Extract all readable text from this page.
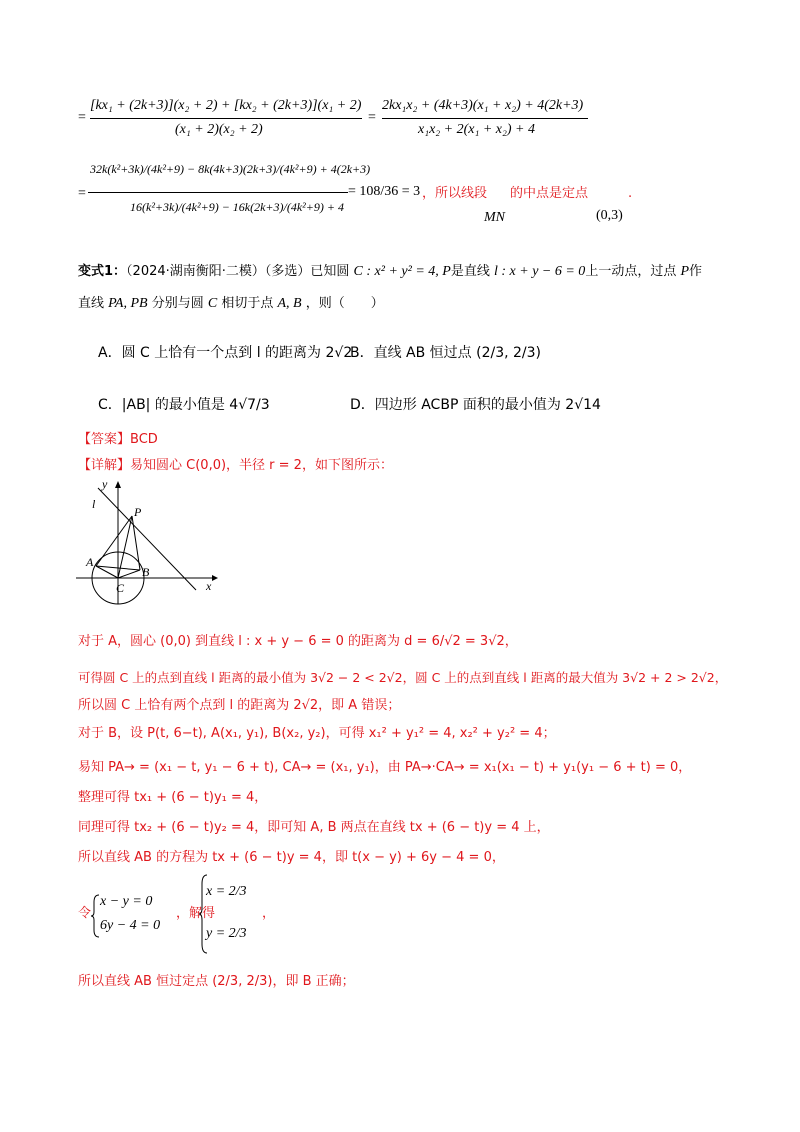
=
[kx₁ + (2k+3)](x₂ + 2) + [kx₂ + (2k+3)](x₁ + 2)
(x₁ + 2)(x₂ + 2)
=
2kx₁x₂ + (4k+3)(x₁ + x₂) + 4(2k+3)
x₁x₂ + 2(x₁ + x₂) + 4
=
32k(k²+3k)/(4k²+9) − 8k(4k+3)(2k+3)/(4k²+9) + 4(2k+3)
16(k²+3k)/(4k²+9) − 16k(2k+3)/(4k²+9) + 4
= 108/36 = 3 ，所以线段 的中点是定点	.
MN	(0,3)
变式1：（2024·湖南衡阳·二模）（多选）已知圆 C : x² + y² = 4, P是直线 l : x + y − 6 = 0上一动点，过点 P作
直线 PA, PB 分别与圆 C 相切于点 A, B ，则（　　）
A．圆 C 上恰有一个点到 l 的距离为 2√2
B．直线 AB 恒过点 (2/3, 2/3)
C．|AB| 的最小值是 4√7/3	D．四边形 ACBP 面积的最小值为 2√14
【答案】BCD
【详解】易知圆心 C(0,0)，半径 r = 2，如下图所示：
y
l
P
A
B
C	x
对于 A，圆心 (0,0) 到直线 l : x + y − 6 = 0 的距离为 d = 6/√2 = 3√2，
可得圆 C 上的点到直线 l 距离的最小值为 3√2 − 2 < 2√2，圆 C 上的点到直线 l 距离的最大值为 3√2 + 2 > 2√2，
所以圆 C 上恰有两个点到 l 的距离为 2√2，即 A 错误；
对于 B，设 P(t, 6−t), A(x₁, y₁), B(x₂, y₂)，可得 x₁² + y₁² = 4, x₂² + y₂² = 4；
易知 PA→ = (x₁ − t, y₁ − 6 + t), CA→ = (x₁, y₁)，由 PA→·CA→ = x₁(x₁ − t) + y₁(y₁ − 6 + t) = 0，
整理可得 tx₁ + (6 − t)y₁ = 4，
同理可得 tx₂ + (6 − t)y₂ = 4，即可知 A, B 两点在直线 tx + (6 − t)y = 4 上，
所以直线 AB 的方程为 tx + (6 − t)y = 4，即 t(x − y) + 6y − 4 = 0，
令
x − y = 0
6y − 4 = 0
，解得
x = 2/3
y = 2/3
，
所以直线 AB 恒过定点 (2/3, 2/3)，即 B 正确；
